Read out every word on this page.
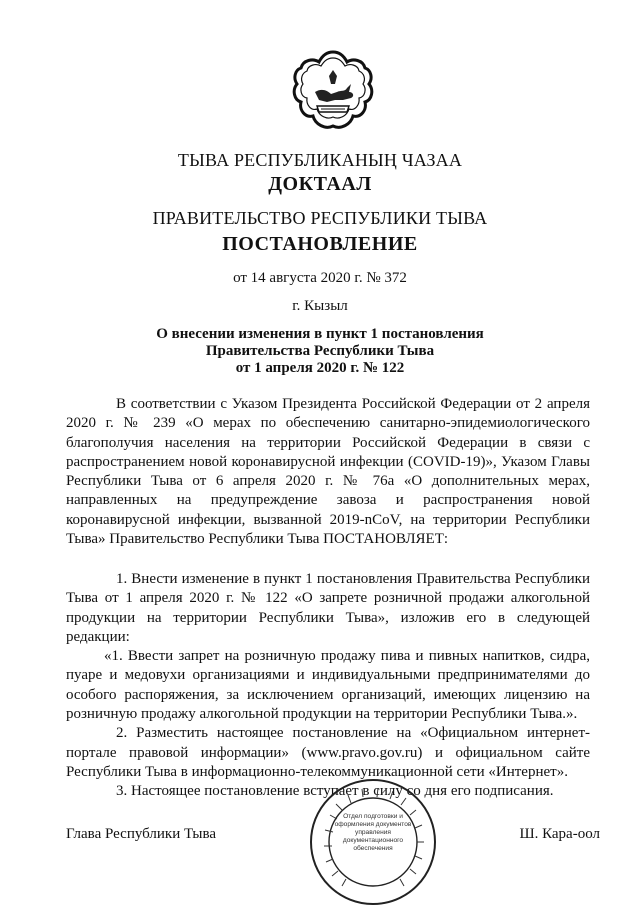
ТЫВА РЕСПУБЛИКАНЫҢ ЧАЗАА
ДОКТААЛ
ПРАВИТЕЛЬСТВО РЕСПУБЛИКИ ТЫВА
ПОСТАНОВЛЕНИЕ
от 14 августа 2020 г. № 372
г. Кызыл
О внесении изменения в пункт 1 постановления
Правительства Республики Тыва
от 1 апреля 2020 г. № 122

В соответствии с Указом Президента Российской Федерации от 2 апреля 2020 г. № 239 «О мерах по обеспечению санитарно-эпидемиологического благополучия населения на территории Российской Федерации в связи с распространением новой коронавирусной инфекции (COVID-19)», Указом Главы Республики Тыва от 6 апреля 2020 г. № 76а «О дополнительных мерах, направленных на предупреждение завоза и распространения новой коронавирусной инфекции, вызванной 2019-nCoV, на территории Республики Тыва» Правительство Республики Тыва ПОСТАНОВЛЯЕТ:

1. Внести изменение в пункт 1 постановления Правительства Республики Тыва от 1 апреля 2020 г. № 122 «О запрете розничной продажи алкогольной продукции на территории Республики Тыва», изложив его в следующей редакции:

«1. Ввести запрет на розничную продажу пива и пивных напитков, сидра, пуаре и медовухи организациями и индивидуальными предпринимателями до особого распоряжения, за исключением организаций, имеющих лицензию на розничную продажу алкогольной продукции на территории Республики Тыва.».

2. Разместить настоящее постановление на «Официальном интернет-портале правовой информации» (www.pravo.gov.ru) и официальном сайте Республики Тыва в информационно-телекоммуникационной сети «Интернет».

3. Настоящее постановление вступает в силу со дня его подписания.

Глава Республики Тыва	Ш. Кара-оол
Отдел подготовки и оформления документов управления документационного обеспечения
